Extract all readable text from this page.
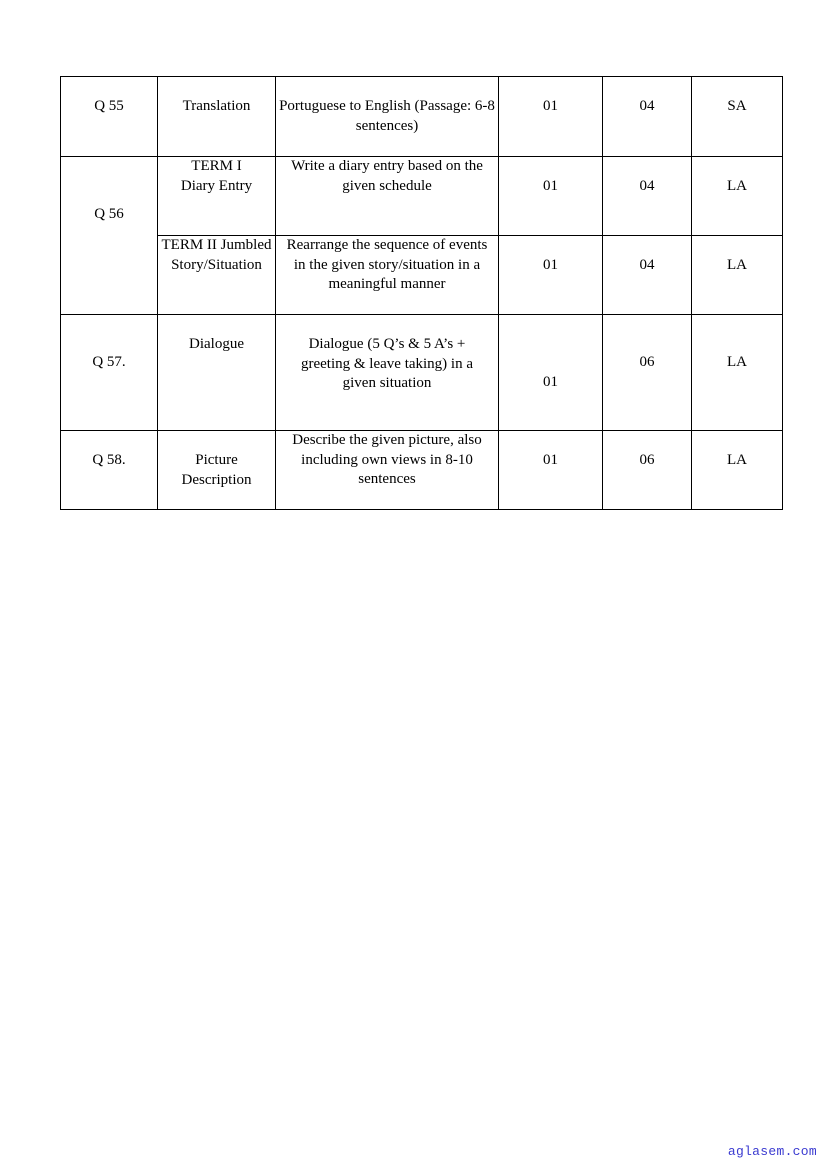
Q 55	Translation	Portuguese to English (Passage: 6-8 sentences)	01	04	SA
Q 56	TERM I Diary Entry	Write a diary entry based on the given schedule	01	04	LA
	TERM II Jumbled Story/Situation	Rearrange the sequence of events in the given story/situation in a meaningful manner	01	04	LA
Q 57.	Dialogue	Dialogue (5 Q’s & 5 A’s + greeting & leave taking) in a given situation	01	06	LA
Q 58.	Picture Description	Describe the given picture, also including own views in 8-10 sentences	01	06	LA
aglasem.com
